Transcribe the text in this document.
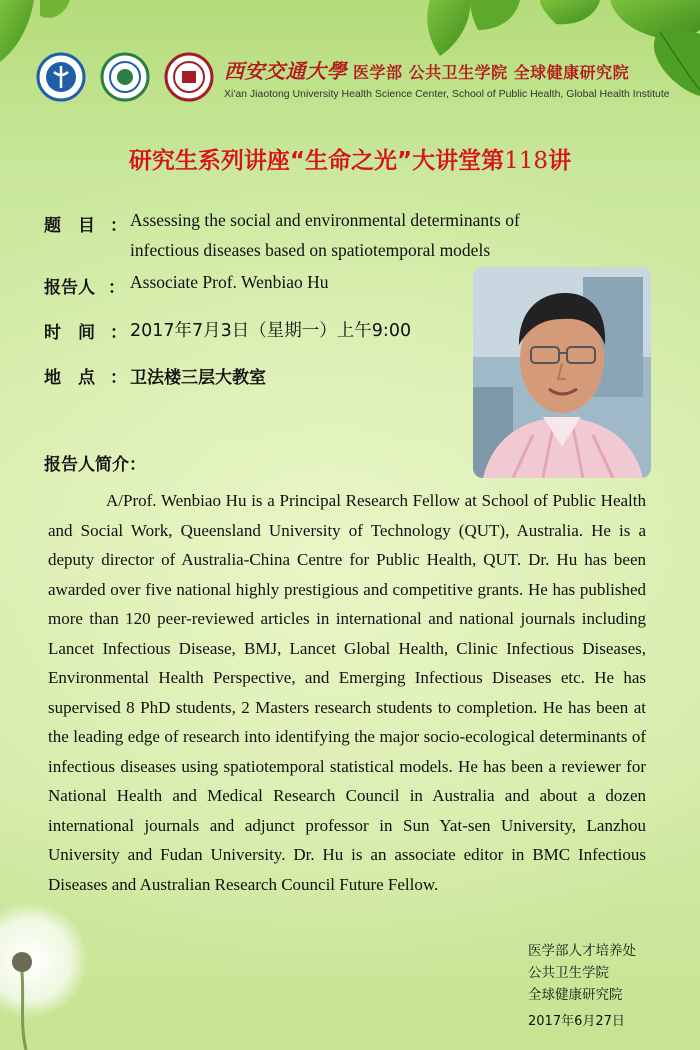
西安交通大學 医学部 公共卫生学院 全球健康研究院
Xi'an Jiaotong University Health Science Center, School of Public Health, Global Health Institute
研究生系列讲座“生命之光”大讲堂第118讲
题　目 ： Assessing the social and environmental determinants of
infectious diseases based on spatiotemporal models
报告人 ： Associate Prof. Wenbiao Hu
时　间 ： 2017年7月3日（星期一）上午9:00
地　点 ： 卫法楼三层大教室
报告人简介：

A/Prof. Wenbiao Hu is a Principal Research Fellow at School of Public Health and Social Work, Queensland University of Technology (QUT), Australia. He is a deputy director of Australia-China Centre for Public Health, QUT. Dr. Hu has been awarded over five national highly prestigious and competitive grants. He has published more than 120 peer-reviewed articles in international and national journals including Lancet Infectious Disease, BMJ, Lancet Global Health, Clinic Infectious Diseases, Environmental Health Perspective, and Emerging Infectious Diseases etc. He has supervised 8 PhD students, 2 Masters research students to completion. He has been at the leading edge of research into identifying the major socio-ecological determinants of infectious diseases using spatiotemporal statistical models. He has been a reviewer for National Health and Medical Research Council in Australia and about a dozen international journals and adjunct professor in Sun Yat-sen University, Lanzhou University and Fudan University. Dr. Hu is an associate editor in BMC Infectious Diseases and Australian Research Council Future Fellow.

医学部人才培养处
公共卫生学院
全球健康研究院
2017年6月27日
